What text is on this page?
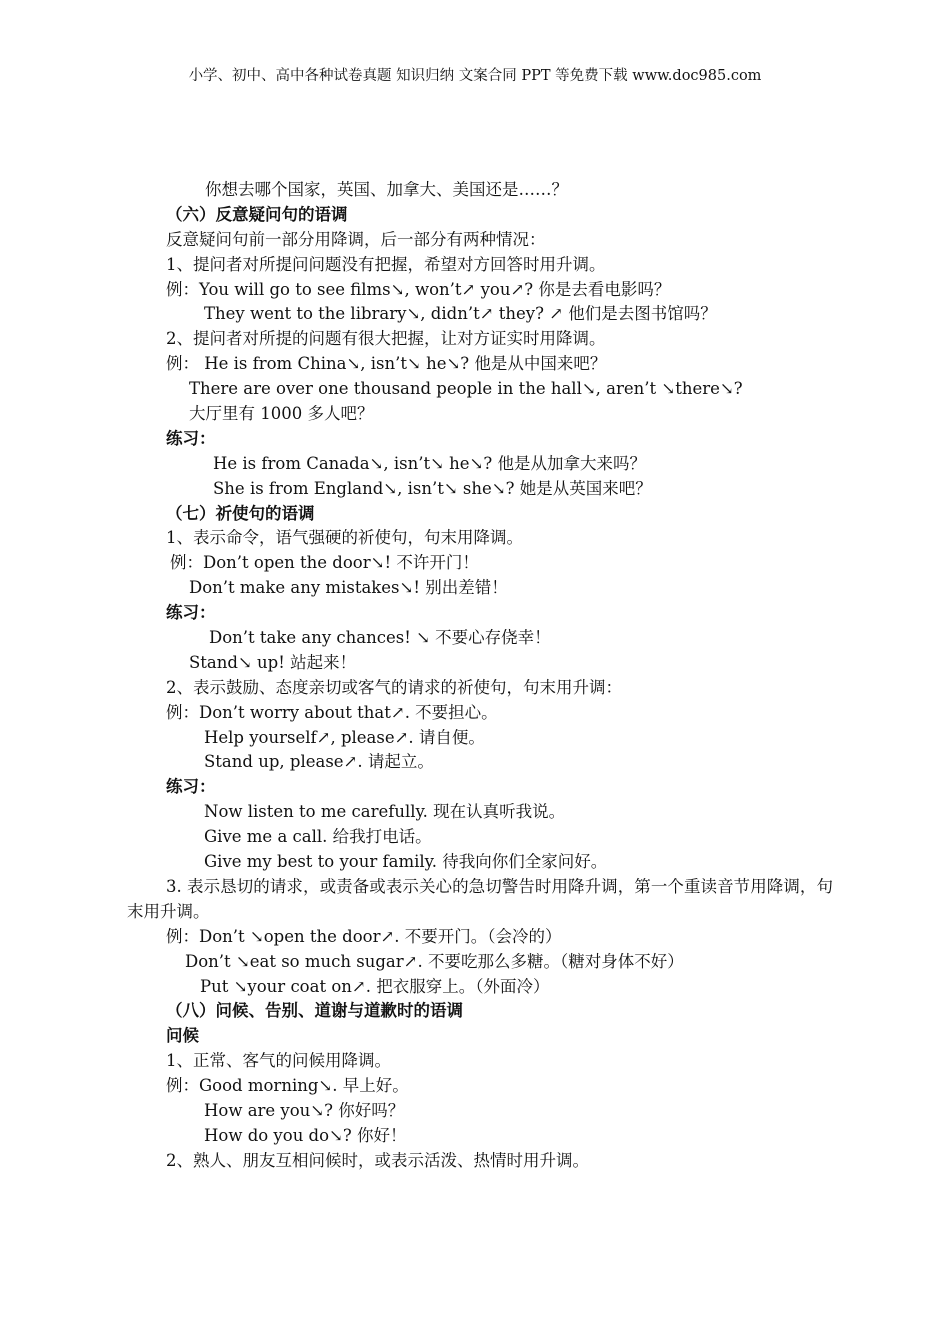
小学、初中、高中各种试卷真题 知识归纳 文案合同 PPT 等免费下载 www.doc985.com
你想去哪个国家，英国、加拿大、美国还是……？
（六）反意疑问句的语调
反意疑问句前一部分用降调，后一部分有两种情况：
1、提问者对所提问问题没有把握，希望对方回答时用升调。
例：You will go to see films↘, won’t↗ you↗? 你是去看电影吗？
They went to the library↘, didn’t↗ they? ↗ 他们是去图书馆吗？
2、提问者对所提的问题有很大把握，让对方证实时用降调。
例： He is from China↘, isn’t↘ he↘? 他是从中国来吧？
There are over one thousand people in the hall↘, aren’t ↘there↘?
大厅里有 1000 多人吧？
练习：
He is from Canada↘, isn’t↘ he↘? 他是从加拿大来吗？
She is from England↘, isn’t↘ she↘? 她是从英国来吧？
（七）祈使句的语调
1、表示命令，语气强硬的祈使句，句末用降调。
例：Don’t open the door↘! 不许开门！
Don’t make any mistakes↘! 别出差错！
练习：
Don’t take any chances! ↘ 不要心存侥幸！
Stand↘ up! 站起来！
2、表示鼓励、态度亲切或客气的请求的祈使句，句末用升调：
例：Don’t worry about that↗. 不要担心。
Help yourself↗, please↗. 请自便。
Stand up, please↗. 请起立。
练习：
Now listen to me carefully. 现在认真听我说。
Give me a call. 给我打电话。
Give my best to your family. 待我向你们全家问好。
3. 表示恳切的请求，或责备或表示关心的急切警告时用降升调，第一个重读音节用降调，句末用升调。
例：Don’t ↘open the door↗. 不要开门。（会冷的）
Don’t ↘eat so much sugar↗. 不要吃那么多糖。（糖对身体不好）
Put ↘your coat on↗. 把衣服穿上。（外面冷）
（八）问候、告别、道谢与道歉时的语调
问候
1、正常、客气的问候用降调。
例：Good morning↘. 早上好。
How are you↘? 你好吗？
How do you do↘? 你好！
2、熟人、朋友互相问候时，或表示活泼、热情时用升调。
